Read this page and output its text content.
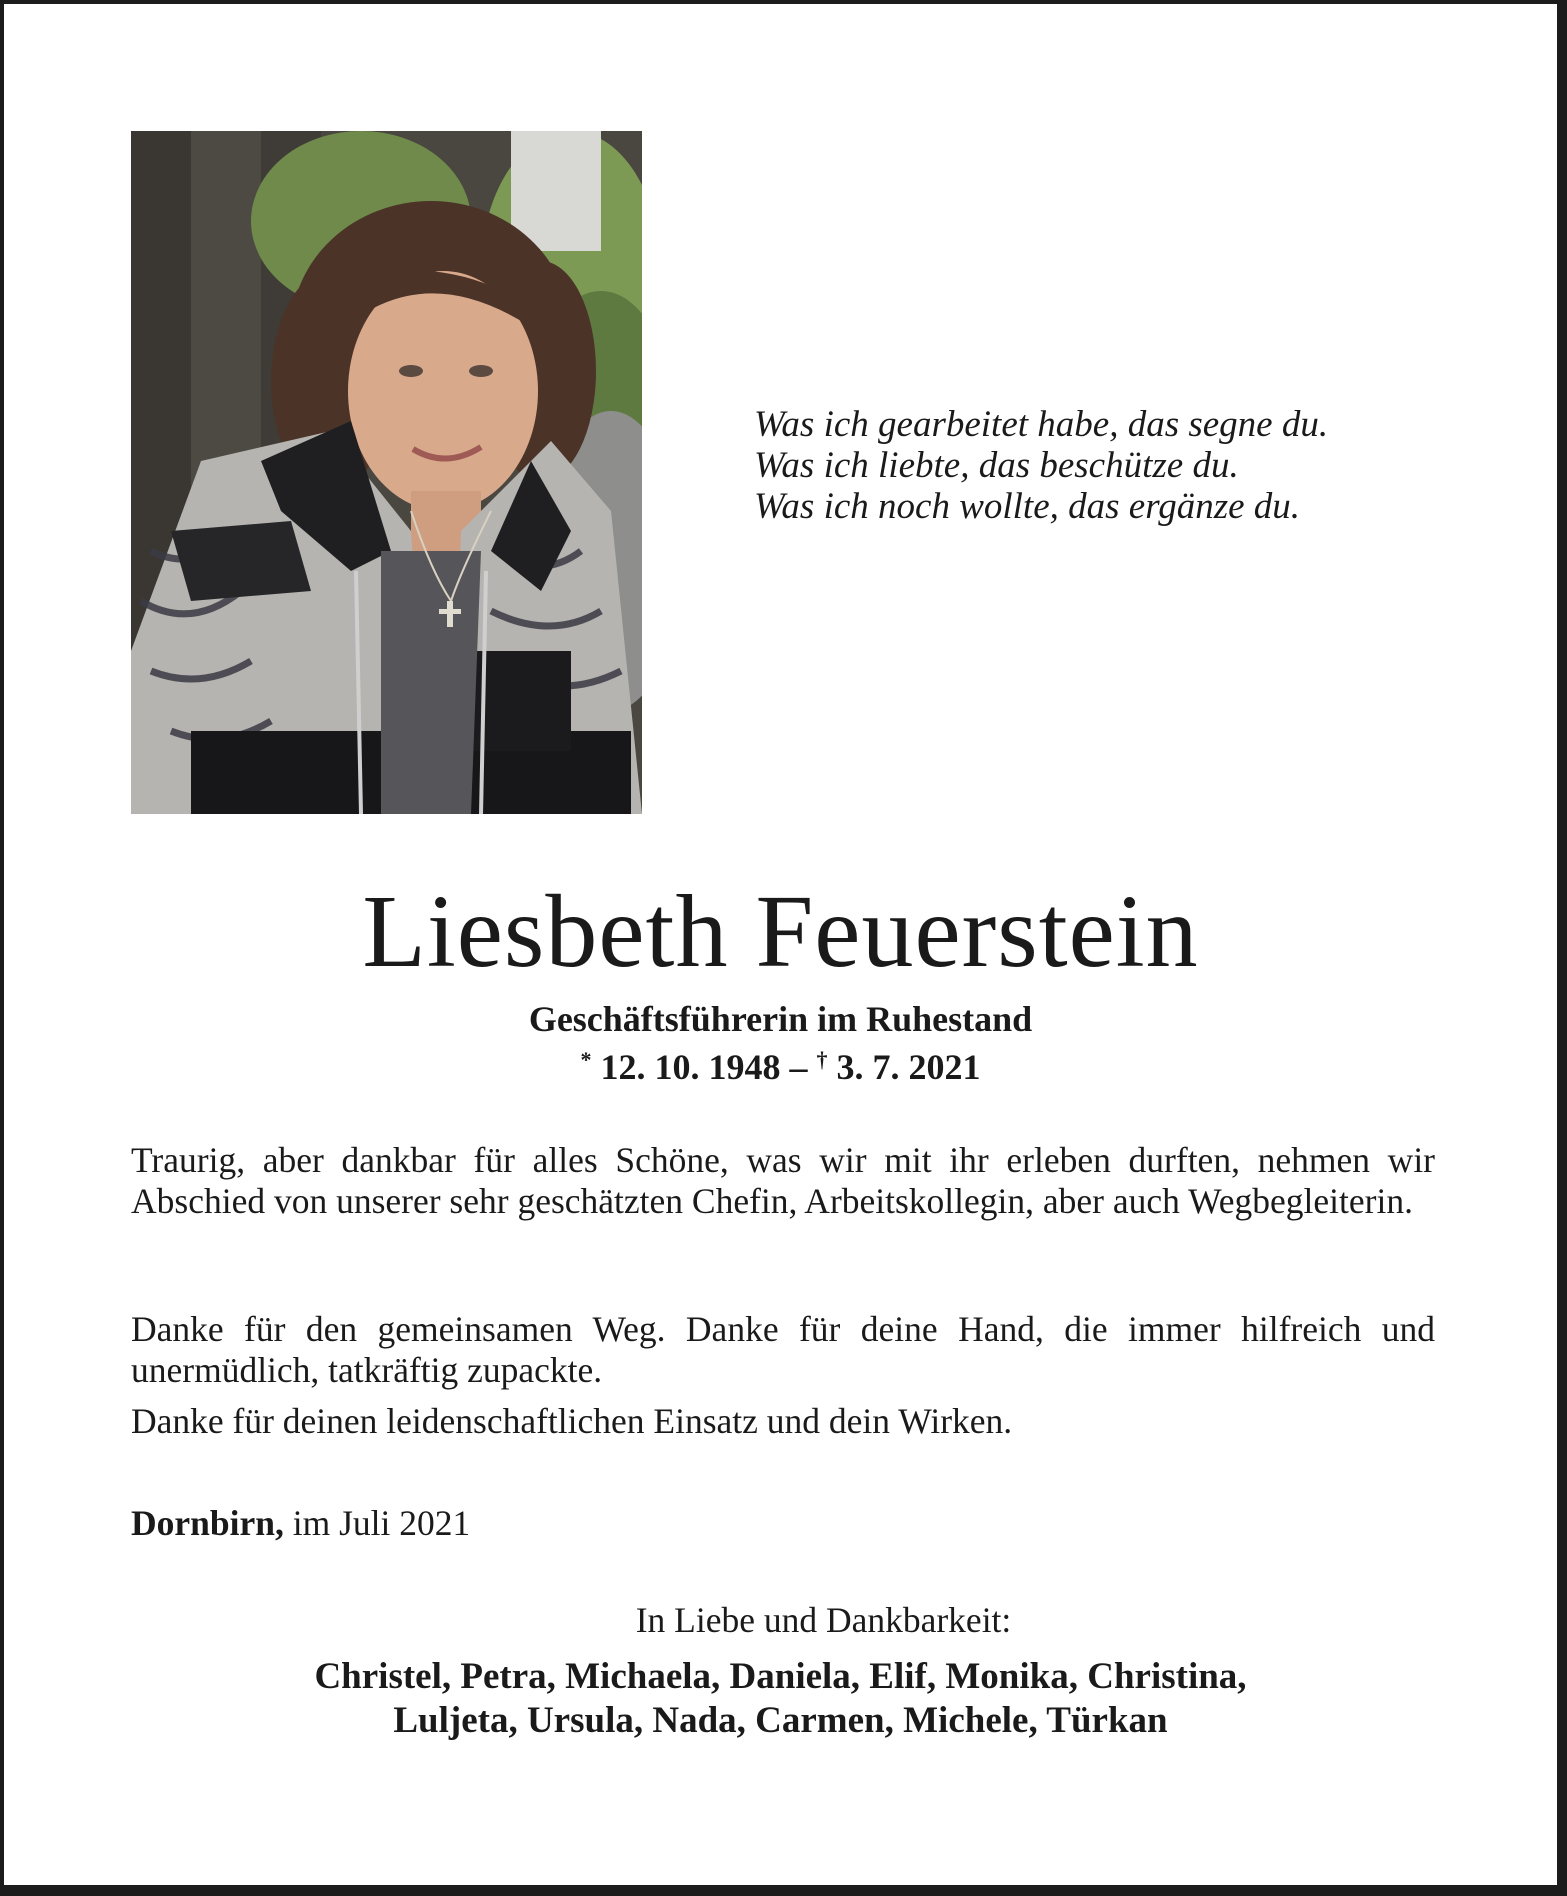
Was ich gearbeitet habe, das segne du.
Was ich liebte, das beschütze du.
Was ich noch wollte, das ergänze du.
Liesbeth Feuerstein
Geschäftsführerin im Ruhestand
* 12. 10. 1948 – † 3. 7. 2021
Traurig, aber dankbar für alles Schöne, was wir mit ihr erleben durften, nehmen wir Abschied von unserer sehr geschätzten Chefin, Arbeitskollegin, aber auch Wegbegleiterin.
Danke für den gemeinsamen Weg. Danke für deine Hand, die immer hilfreich und unermüdlich, tatkräftig zupackte.
Danke für deinen leidenschaftlichen Einsatz und dein Wirken.
Dornbirn, im Juli 2021
In Liebe und Dankbarkeit:
Christel, Petra, Michaela, Daniela, Elif, Monika, Christina,
Luljeta, Ursula, Nada, Carmen, Michele, Türkan
